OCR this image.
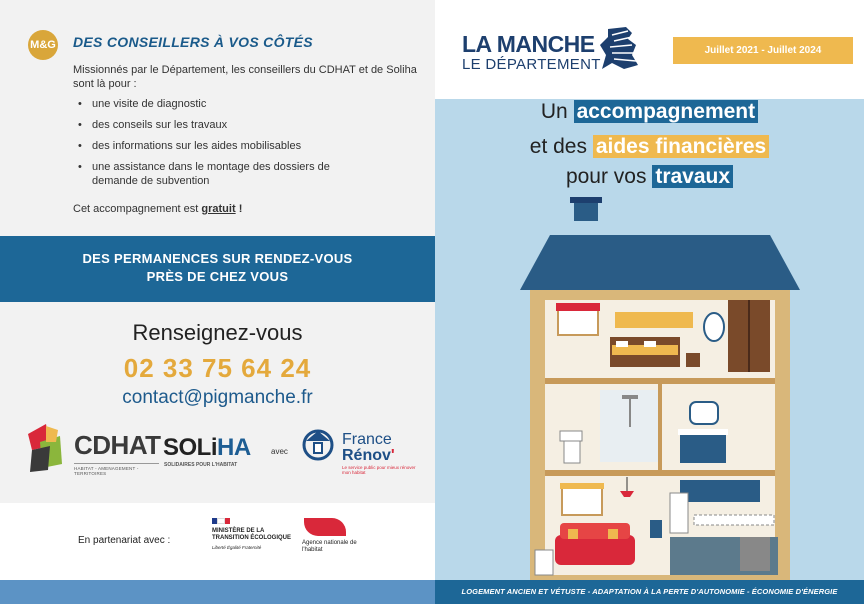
M&G DES CONSEILLERS À VOS CÔTÉS
Missionnés par le Département, les conseillers du CDHAT et de Soliha sont là pour :
• une visite de diagnostic
• des conseils sur les travaux
• des informations sur les aides mobilisables
• une assistance dans le montage des dossiers de demande de subvention
Cet accompagnement est gratuit !
DES PERMANENCES SUR RENDEZ-VOUS
PRÈS DE CHEZ VOUS
Renseignez-vous
02 33 75 64 24
contact@pigmanche.fr
CDHAT
HABITAT - AMENAGEMENT - TERRITOIRES
SOLiHA
SOLIDAIRES POUR L'HABITAT
avec
France
Rénov'
Le service public pour mieux rénover mon habitat
En partenariat avec :
MINISTÈRE DE LA TRANSITION ÉCOLOGIQUE
Liberté Égalité Fraternité
Agence nationale de l'habitat
LA MANCHE
LE DÉPARTEMENT
Juillet 2021 - Juillet 2024
Un accompagnement
et des aides financières
pour vos travaux
LOGEMENT ANCIEN ET VÉTUSTE - ADAPTATION À LA PERTE D'AUTONOMIE - ÉCONOMIE D'ÉNERGIE
